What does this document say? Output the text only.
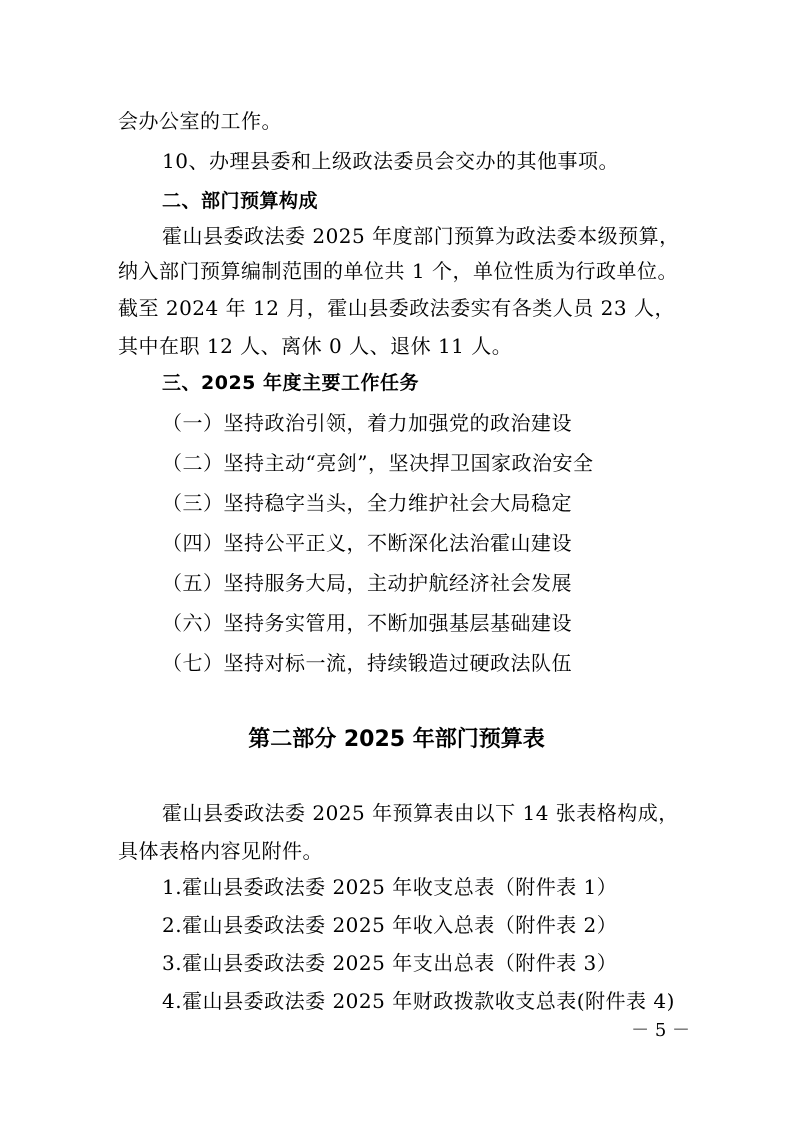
会办公室的工作。
10、办理县委和上级政法委员会交办的其他事项。
二、部门预算构成
霍山县委政法委 2025 年度部门预算为政法委本级预算，
纳入部门预算编制范围的单位共 1 个，单位性质为行政单位。
截至 2024 年 12 月，霍山县委政法委实有各类人员 23 人，
其中在职 12 人、离休 0 人、退休 11 人。
三、2025 年度主要工作任务
（一）坚持政治引领，着力加强党的政治建设
（二）坚持主动“亮剑”，坚决捍卫国家政治安全
（三）坚持稳字当头，全力维护社会大局稳定
（四）坚持公平正义，不断深化法治霍山建设
（五）坚持服务大局，主动护航经济社会发展
（六）坚持务实管用，不断加强基层基础建设
（七）坚持对标一流，持续锻造过硬政法队伍
第二部分 2025 年部门预算表
霍山县委政法委 2025 年预算表由以下 14 张表格构成，
具体表格内容见附件。
1.霍山县委政法委 2025 年收支总表（附件表 1）
2.霍山县委政法委 2025 年收入总表（附件表 2）
3.霍山县委政法委 2025 年支出总表（附件表 3）
4.霍山县委政法委 2025 年财政拨款收支总表(附件表 4)
－ 5 －
